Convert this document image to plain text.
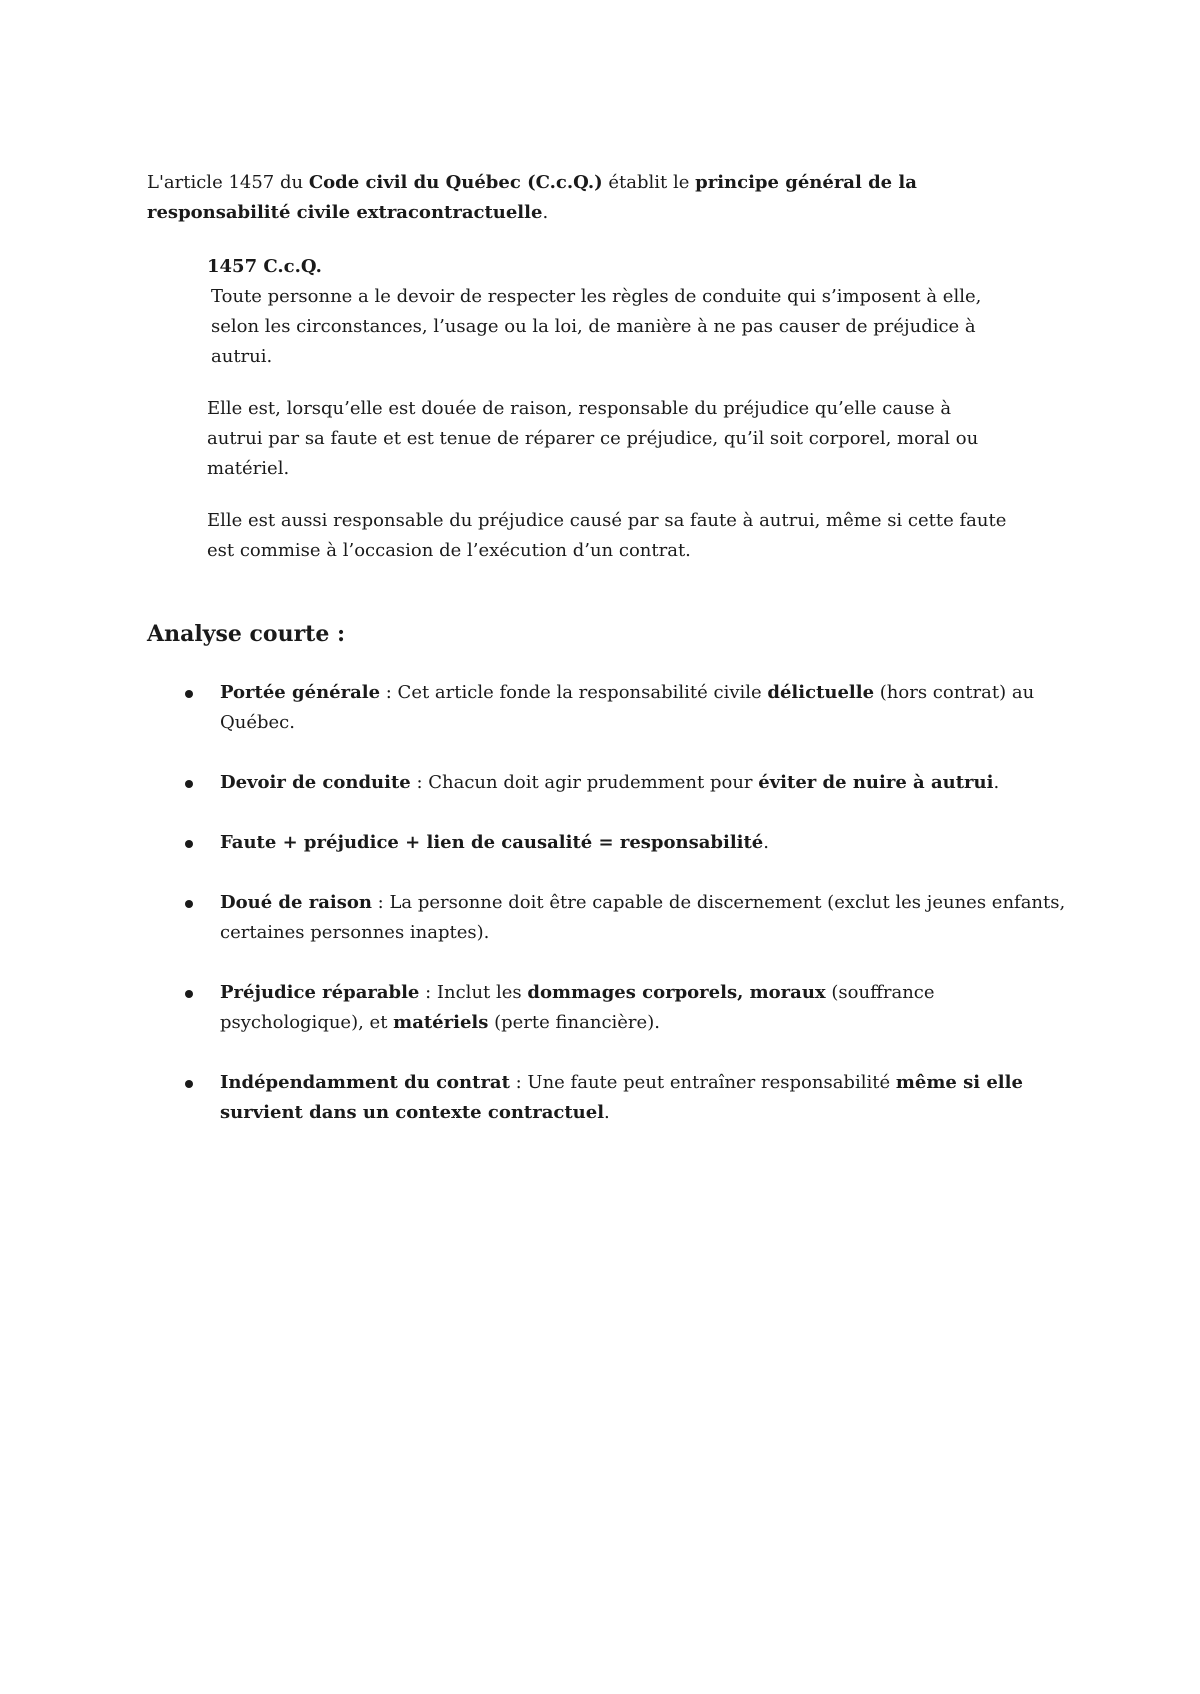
L'article 1457 du Code civil du Québec (C.c.Q.) établit le principe général de la responsabilité civile extracontractuelle.

1457 C.c.Q.

Toute personne a le devoir de respecter les règles de conduite qui s’imposent à elle, selon les circonstances, l’usage ou la loi, de manière à ne pas causer de préjudice à autrui.

Elle est, lorsqu’elle est douée de raison, responsable du préjudice qu’elle cause à autrui par sa faute et est tenue de réparer ce préjudice, qu’il soit corporel, moral ou matériel.

Elle est aussi responsable du préjudice causé par sa faute à autrui, même si cette faute est commise à l’occasion de l’exécution d’un contrat.

Analyse courte :
Portée générale : Cet article fonde la responsabilité civile délictuelle (hors contrat) au Québec.
Devoir de conduite : Chacun doit agir prudemment pour éviter de nuire à autrui.
Faute + préjudice + lien de causalité = responsabilité.
Doué de raison : La personne doit être capable de discernement (exclut les jeunes enfants, certaines personnes inaptes).
Préjudice réparable : Inclut les dommages corporels, moraux (souffrance psychologique), et matériels (perte financière).
Indépendamment du contrat : Une faute peut entraîner responsabilité même si elle survient dans un contexte contractuel.
